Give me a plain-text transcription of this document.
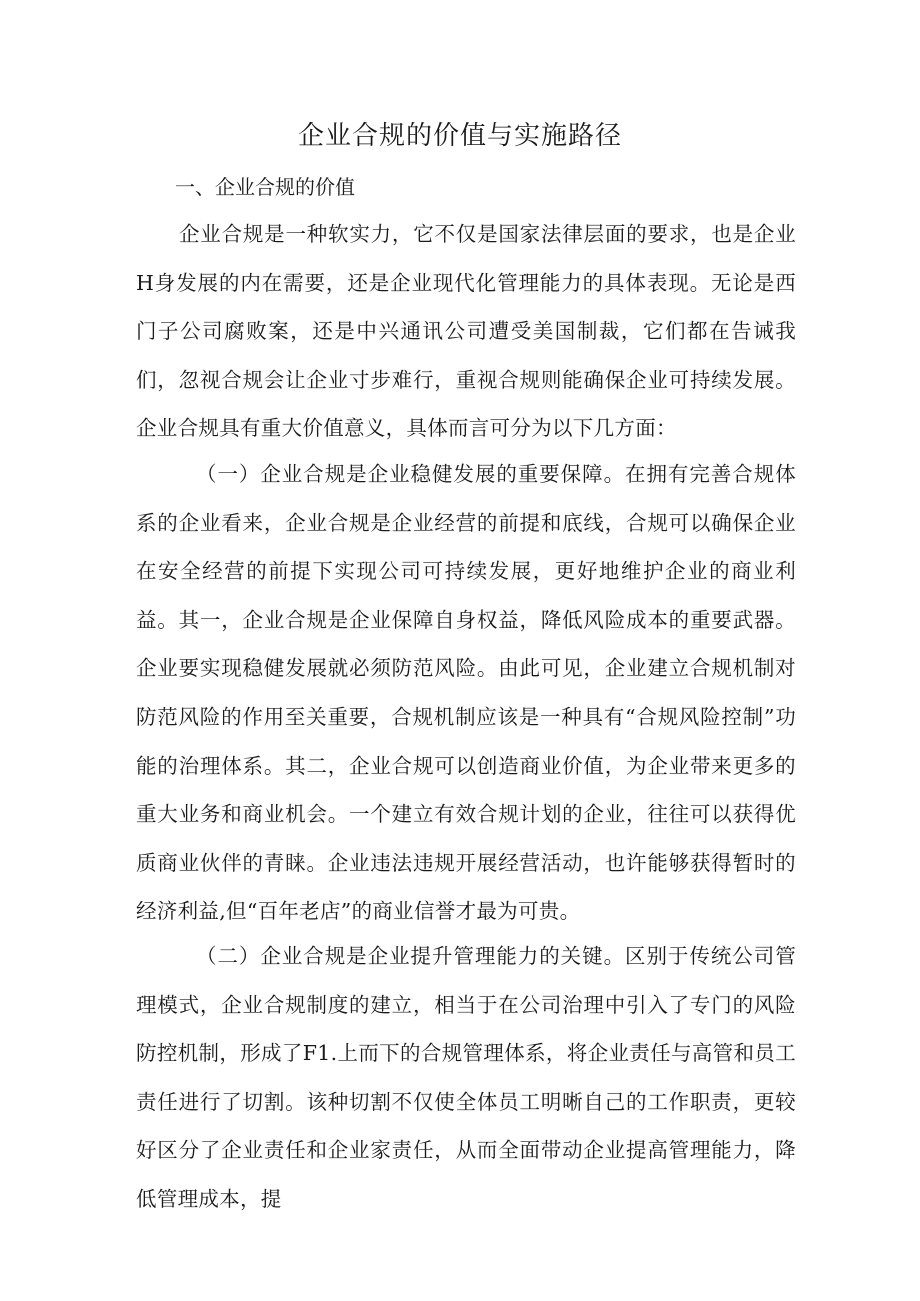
企业合规的价值与实施路径
一、企业合规的价值

企业合规是一种软实力，它不仅是国家法律层面的要求，也是企业H身发展的内在需要，还是企业现代化管理能力的具体表现。无论是西门子公司腐败案，还是中兴通讯公司遭受美国制裁，它们都在告诫我们，忽视合规会让企业寸步难行，重视合规则能确保企业可持续发展。企业合规具有重大价值意义，具体而言可分为以下几方面：

（一）企业合规是企业稳健发展的重要保障。在拥有完善合规体系的企业看来，企业合规是企业经营的前提和底线，合规可以确保企业在安全经营的前提下实现公司可持续发展，更好地维护企业的商业利益。其一，企业合规是企业保障自身权益，降低风险成本的重要武器。企业要实现稳健发展就必须防范风险。由此可见，企业建立合规机制对防范风险的作用至关重要，合规机制应该是一种具有“合规风险控制”功能的治理体系。其二，企业合规可以创造商业价值，为企业带来更多的重大业务和商业机会。一个建立有效合规计划的企业，往往可以获得优质商业伙伴的青睐。企业违法违规开展经营活动，也许能够获得暂时的经济利益,但“百年老店”的商业信誉才最为可贵。

（二）企业合规是企业提升管理能力的关键。区别于传统公司管理模式，企业合规制度的建立，相当于在公司治理中引入了专门的风险防控机制，形成了F1.上而下的合规管理体系，将企业责任与高管和员工责任进行了切割。该种切割不仅使全体员工明晰自己的工作职责，更较好区分了企业责任和企业家责任，从而全面带动企业提高管理能力，降低管理成本，提
